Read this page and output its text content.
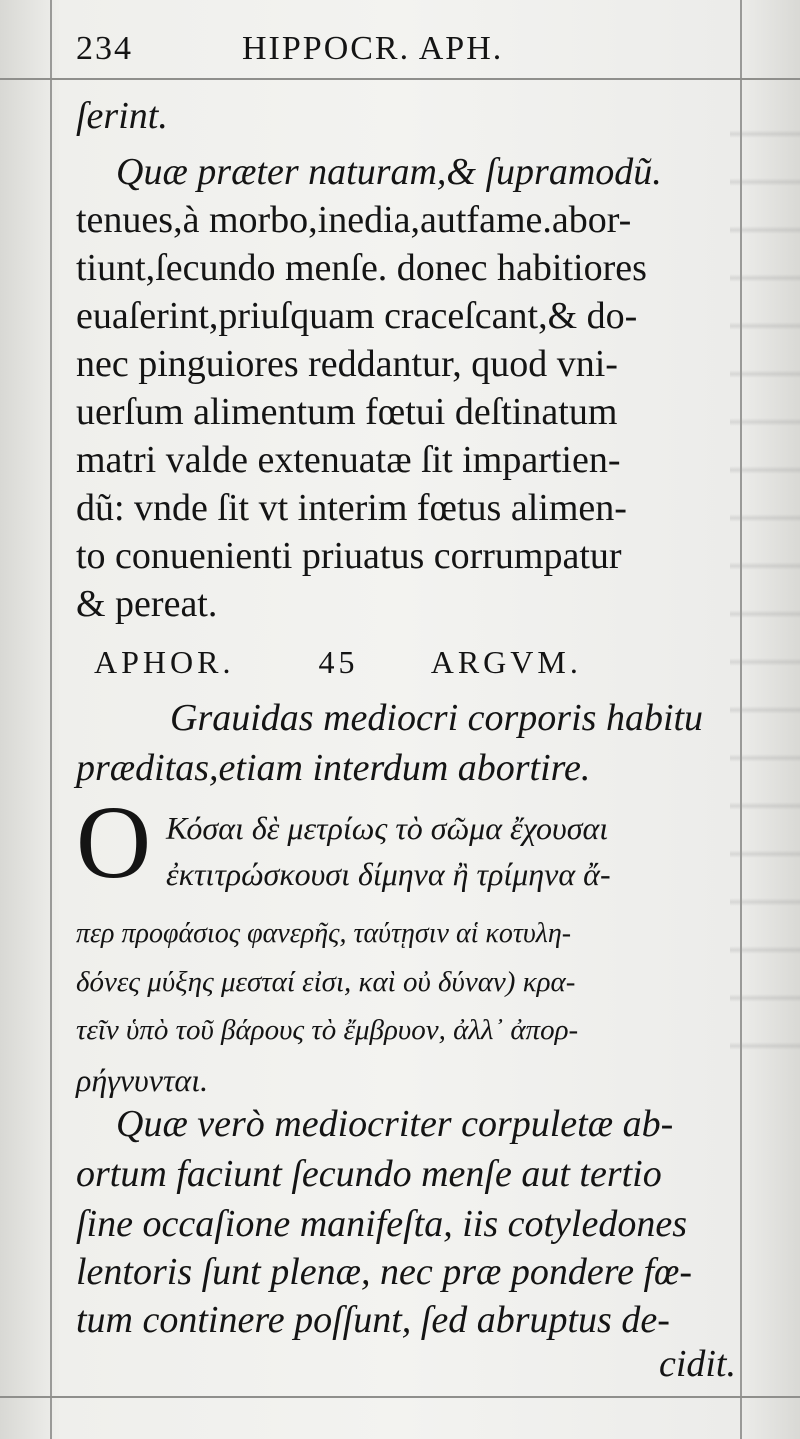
234	HIPPOCR. APH.
ſerint.
Quæ præter naturam,& ſupramodũ.
tenues,à morbo,inedia,autfame.abor-
tiunt,ſecundo menſe. donec habitiores
euaſerint,priuſquam craceſcant,& do-
nec pinguiores reddantur, quod vni-
uerſum alimentum fœtui deſtinatum
matri valde extenuatæ ſit impartien-
dũ: vnde ſit vt interim fœtus alimen-
to conuenienti priuatus corrumpatur
& pereat.
APHOR.	45 ARGVM.
Grauidas mediocri corporis habitu
præditas,etiam interdum abortire.
O Κόσαι δὲ μετρίως τὸ σῶμα ἔχουσαι
ἐκτιτρώσκουσι δίμηνα ἢ τρίμηνα ἄ-
περ προφάσιος φανερῆς, ταύτῃσιν αἱ κοτυλη-
δόνες μύξης μεσταί εἰσι, καὶ οὐ δύναν) κρα-
τεῖν ὑπὸ τοῦ βάρους τὸ ἔμβρυον, ἀλλ᾽ ἀπορ-
ρήγνυνται.
Quæ verò mediocriter corpuletæ ab-
ortum faciunt ſecundo menſe aut tertio
ſine occaſione manifeſta, iis cotyledones
lentoris ſunt plenæ, nec præ pondere fœ-
tum continere poſſunt, ſed abruptus de-
cidit.
